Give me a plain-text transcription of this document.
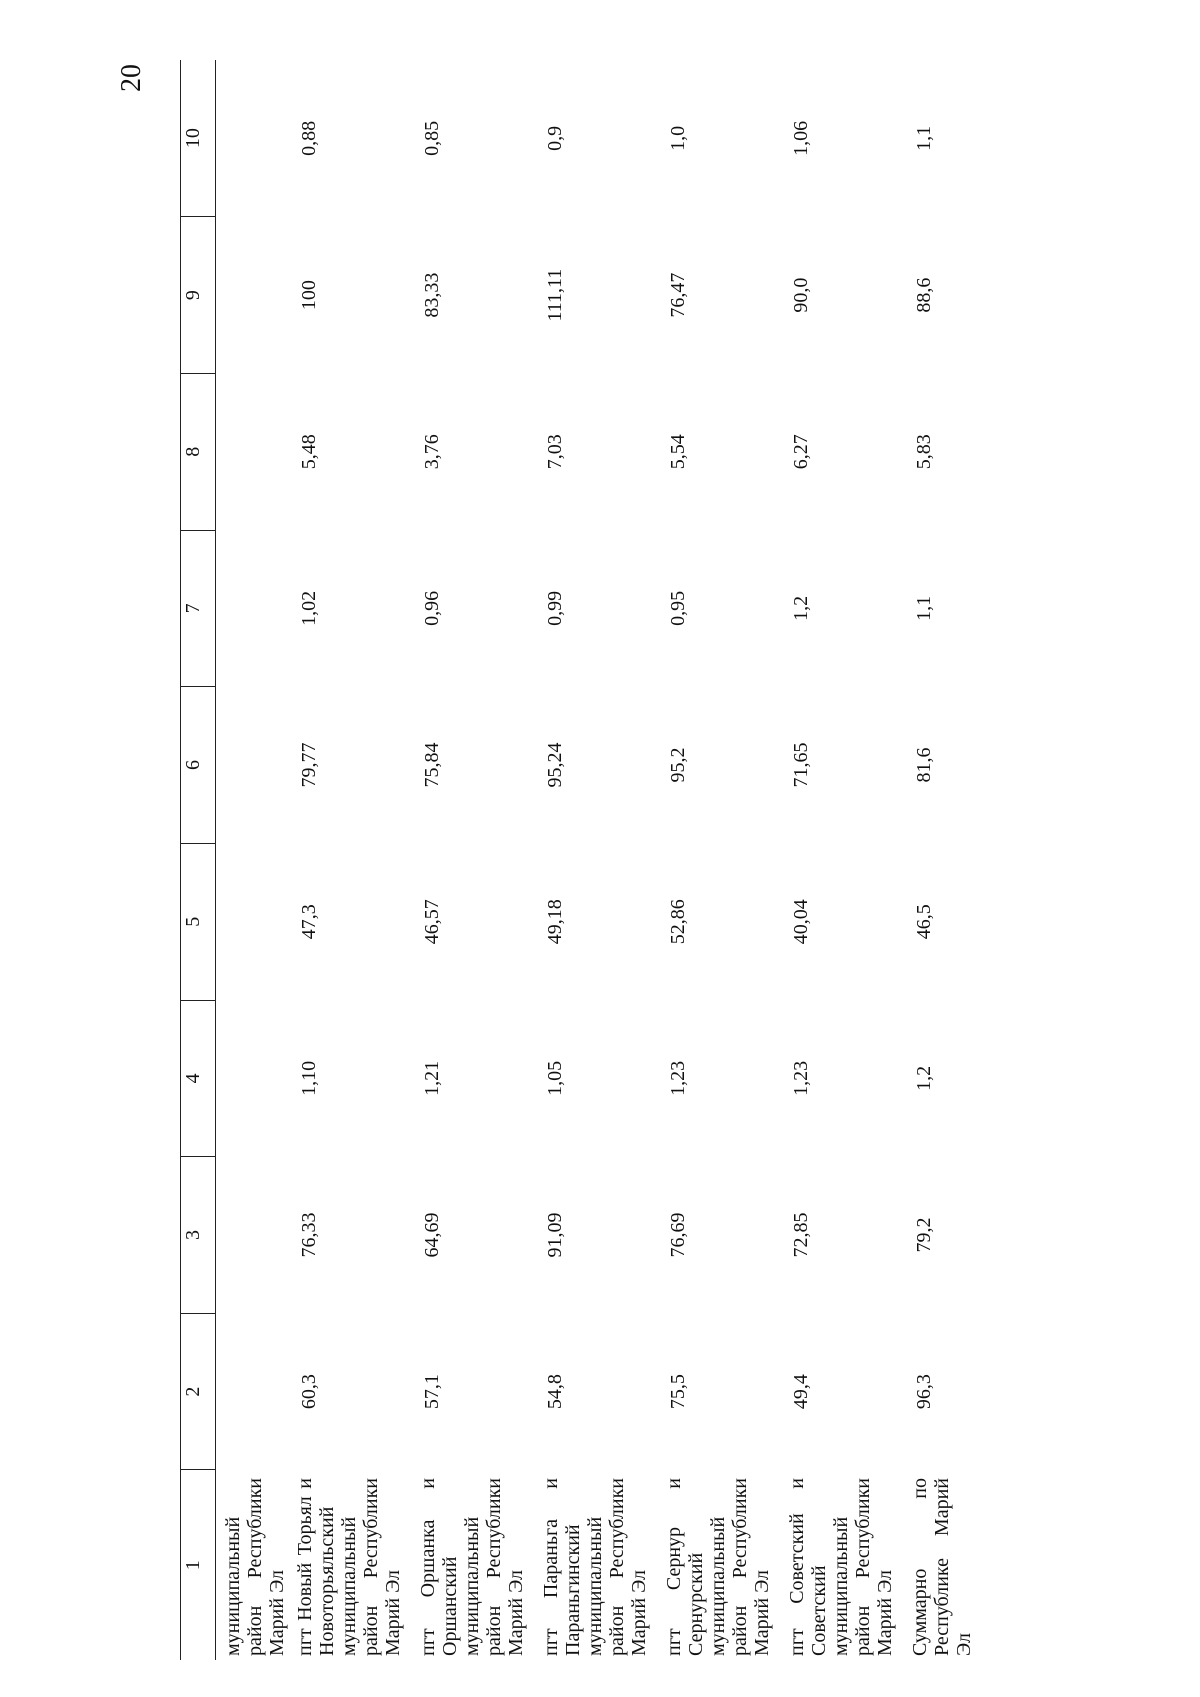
20
1	2	3	4	5	6	7	8	9	10
муниципальный район Республики Марий Эл									
пгт Новый Торьял и Новоторьяльский муниципальный район Республики Марий Эл	60,3	76,33	1,10	47,3	79,77	1,02	5,48	100	0,88
пгт Оршанка и Оршанский муниципальный район Республики Марий Эл	57,1	64,69	1,21	46,57	75,84	0,96	3,76	83,33	0,85
пгт Параньга и Параньгинский муниципальный район Республики Марий Эл	54,8	91,09	1,05	49,18	95,24	0,99	7,03	111,11	0,9
пгт Сернур и Сернурский муниципальный район Республики Марий Эл	75,5	76,69	1,23	52,86	95,2	0,95	5,54	76,47	1,0
пгт Советский и Советский муниципальный район Республики Марий Эл	49,4	72,85	1,23	40,04	71,65	1,2	6,27	90,0	1,06
Суммарно по Республике Марий Эл	96,3	79,2	1,2	46,5	81,6	1,1	5,83	88,6	1,1
